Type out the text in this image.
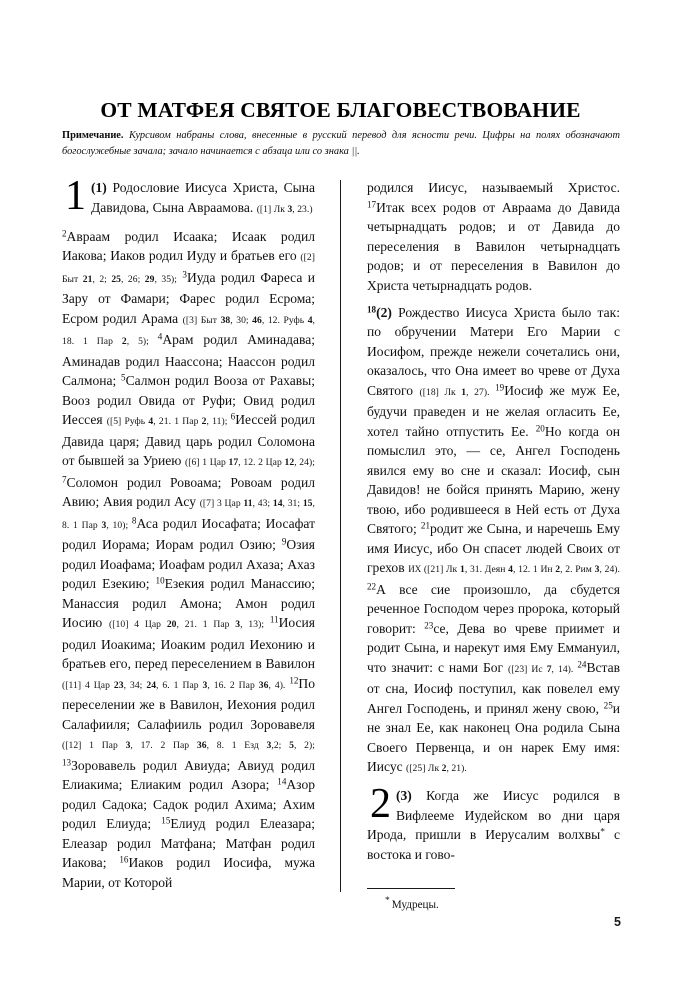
ОТ МАТФЕЯ СВЯТОЕ БЛАГОВЕСТВОВАНИЕ
Примечание. Курсивом набраны слова, внесенные в русский перевод для ясности речи. Цифры на полях обозначают богослужебные зачала; зачало начинается с абзаца или со знака ||.

1 (1) Родословие Иисуса Христа, Сына Давидова, Сына Авраамова. ([1] Лк 3, 23.)

$^2$Авраам родил Исаака; Исаак родил Иакова; Иаков родил Иуду и братьев его ([2] Быт 21, 2; 25, 26; 29, 35); $^3$Иуда родил Фареса и Зару от Фамари; Фарес родил Есрома; Есром родил Арама ([3] Быт 38, 30; 46, 12. Руфь 4, 18. 1 Пар 2, 5); $^4$Арам родил Аминадава; Аминадав родил Наассона; Наассон родил Салмона; $^5$Салмон родил Вооза от Рахавы; Вооз родил Овида от Руфи; Овид родил Иессея ([5] Руфь 4, 21. 1 Пар 2, 11); $^6$Иессей родил Давида царя; Давид царь родил Соломона от бывшей за Уриею ([6] 1 Цар 17, 12. 2 Цар 12, 24); $^7$Соломон родил Ровоама; Ровоам родил Авию; Авия родил Асу ([7] 3 Цар 11, 43; 14, 31; 15, 8. 1 Пар 3, 10); $^8$Аса родил Иосафата; Иосафат родил Иорама; Иорам родил Озию; $^9$Озия родил Иоафама; Иоафам родил Ахаза; Ахаз родил Езекию; $^{10}$Езекия родил Манассию; Манассия родил Амона; Амон родил Иосию ([10] 4 Цар 20, 21. 1 Пар 3, 13); $^{11}$Иосия родил Иоакима; Иоаким родил Иехонию и братьев его, перед переселением в Вавилон ([11] 4 Цар 23, 34; 24, 6. 1 Пар 3, 16. 2 Пар 36, 4). $^{12}$По переселении же в Вавилон, Иехония родил Салафииля; Салафииль родил Зоровавеля ([12] 1 Пар 3, 17. 2 Пар 36, 8. 1 Езд 3,2; 5, 2); $^{13}$Зоровавель родил Авиуда; Авиуд родил Елиакима; Елиаким родил Азора; $^{14}$Азор родил Садока; Садок родил Ахима; Ахим родил Елиуда; $^{15}$Елиуд родил Елеазара; Елеазар родил Матфана; Матфан родил Иакова; $^{16}$Иаков родил Иосифа, мужа Марии, от Которой

родился Иисус, называемый Христос. $^{17}$Итак всех родов от Авраама до Давида четырнадцать родов; и от Давида до переселения в Вавилон четырнадцать родов; и от переселения в Вавилон до Христа четырнадцать родов.

$^{18}$(2) Рождество Иисуса Христа было так: по обручении Матери Его Марии с Иосифом, прежде нежели сочетались они, оказалось, что Она имеет во чреве от Духа Святого ([18] Лк 1, 27). $^{19}$Иосиф же муж Ее, будучи праведен и не желая огласить Ее, хотел тайно отпустить Ее. $^{20}$Но когда он помыслил это, — се, Ангел Господень явился ему во сне и сказал: Иосиф, сын Давидов! не бойся принять Марию, жену твою, ибо родившееся в Ней есть от Духа Святого; $^{21}$родит же Сына, и наречешь Ему имя Иисус, ибо Он спасет людей Своих от грехов их ([21] Лк 1, 31. Деян 4, 12. 1 Ин 2, 2. Рим 3, 24). $^{22}$А все сие произошло, да сбудется реченное Господом через пророка, который говорит: $^{23}$се, Дева во чреве приимет и родит Сына, и нарекут имя Ему Еммануил, что значит: с нами Бог ([23] Ис 7, 14). $^{24}$Встав от сна, Иосиф поступил, как повелел ему Ангел Господень, и принял жену свою, $^{25}$и не знал Ее, как наконец Она родила Сына Своего Первенца, и он нарек Ему имя: Иисус ([25] Лк 2, 21).

2 (3) Когда же Иисус родился в Вифлееме Иудейском во дни царя Ирода, пришли в Иерусалим волхвы* с востока и гово-

* Мудрецы.
5
